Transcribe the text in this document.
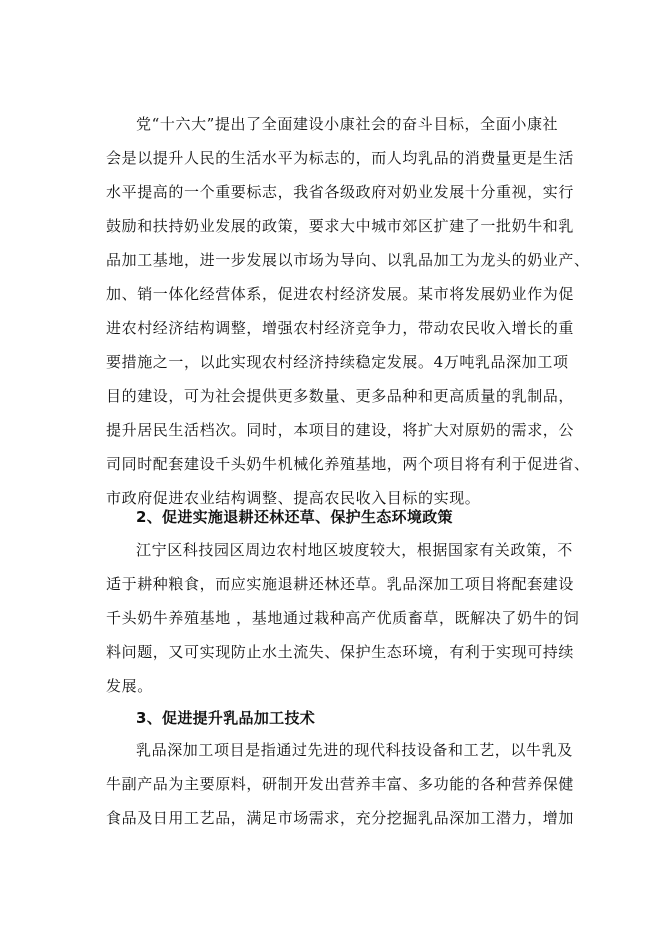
党“十六大”提出了全面建设小康社会的奋斗目标，全面小康社
会是以提升人民的生活水平为标志的，而人均乳品的消费量更是生活
水平提高的一个重要标志，我省各级政府对奶业发展十分重视，实行
鼓励和扶持奶业发展的政策，要求大中城市郊区扩建了一批奶牛和乳
品加工基地，进一步发展以市场为导向、以乳品加工为龙头的奶业产、
加、销一体化经营体系，促进农村经济发展。某市将发展奶业作为促
进农村经济结构调整，增强农村经济竞争力，带动农民收入增长的重
要措施之一，以此实现农村经济持续稳定发展。4万吨乳品深加工项
目的建设，可为社会提供更多数量、更多品种和更高质量的乳制品，
提升居民生活档次。同时，本项目的建设，将扩大对原奶的需求，公
司同时配套建设千头奶牛机械化养殖基地，两个项目将有利于促进省、
市政府促进农业结构调整、提高农民收入目标的实现。
2、促进实施退耕还林还草、保护生态环境政策
江宁区科技园区周边农村地区坡度较大，根据国家有关政策，不
适于耕种粮食，而应实施退耕还林还草。乳品深加工项目将配套建设
千头奶牛养殖基地 ，基地通过栽种高产优质畜草，既解决了奶牛的饲
料问题，又可实现防止水土流失、保护生态环境，有利于实现可持续
发展。
3、促进提升乳品加工技术
乳品深加工项目是指通过先进的现代科技设备和工艺，以牛乳及
牛副产品为主要原料，研制开发出营养丰富、多功能的各种营养保健
食品及日用工艺品，满足市场需求，充分挖掘乳品深加工潜力，增加
